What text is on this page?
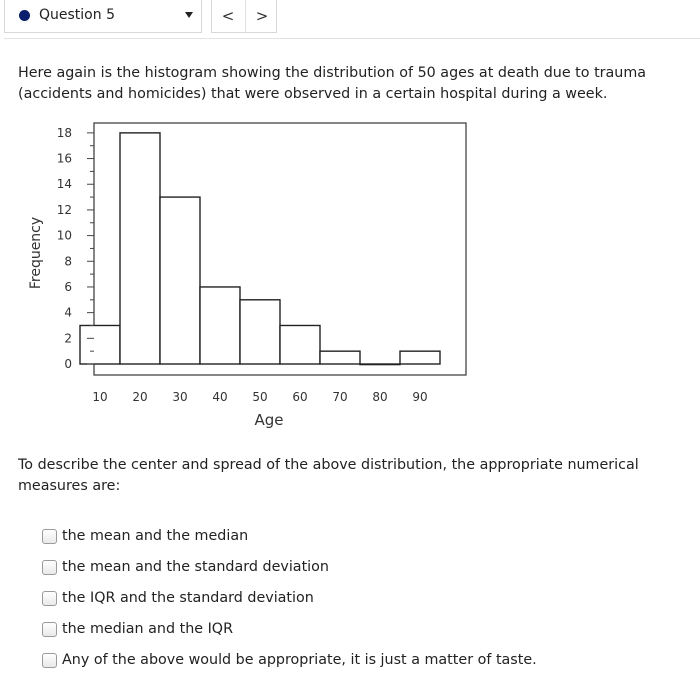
Question 5	<	>
Here again is the histogram showing the distribution of 50 ages at death due to trauma (accidents and homicides) that were observed in a certain hospital during a week.
0
2
4
6
8
10
12
14
16
18
10 20 30 40 50 60 70 80 90
Frequency
Age
To describe the center and spread of the above distribution, the appropriate numerical measures are:
the mean and the median
the mean and the standard deviation
the IQR and the standard deviation
the median and the IQR
Any of the above would be appropriate, it is just a matter of taste.
